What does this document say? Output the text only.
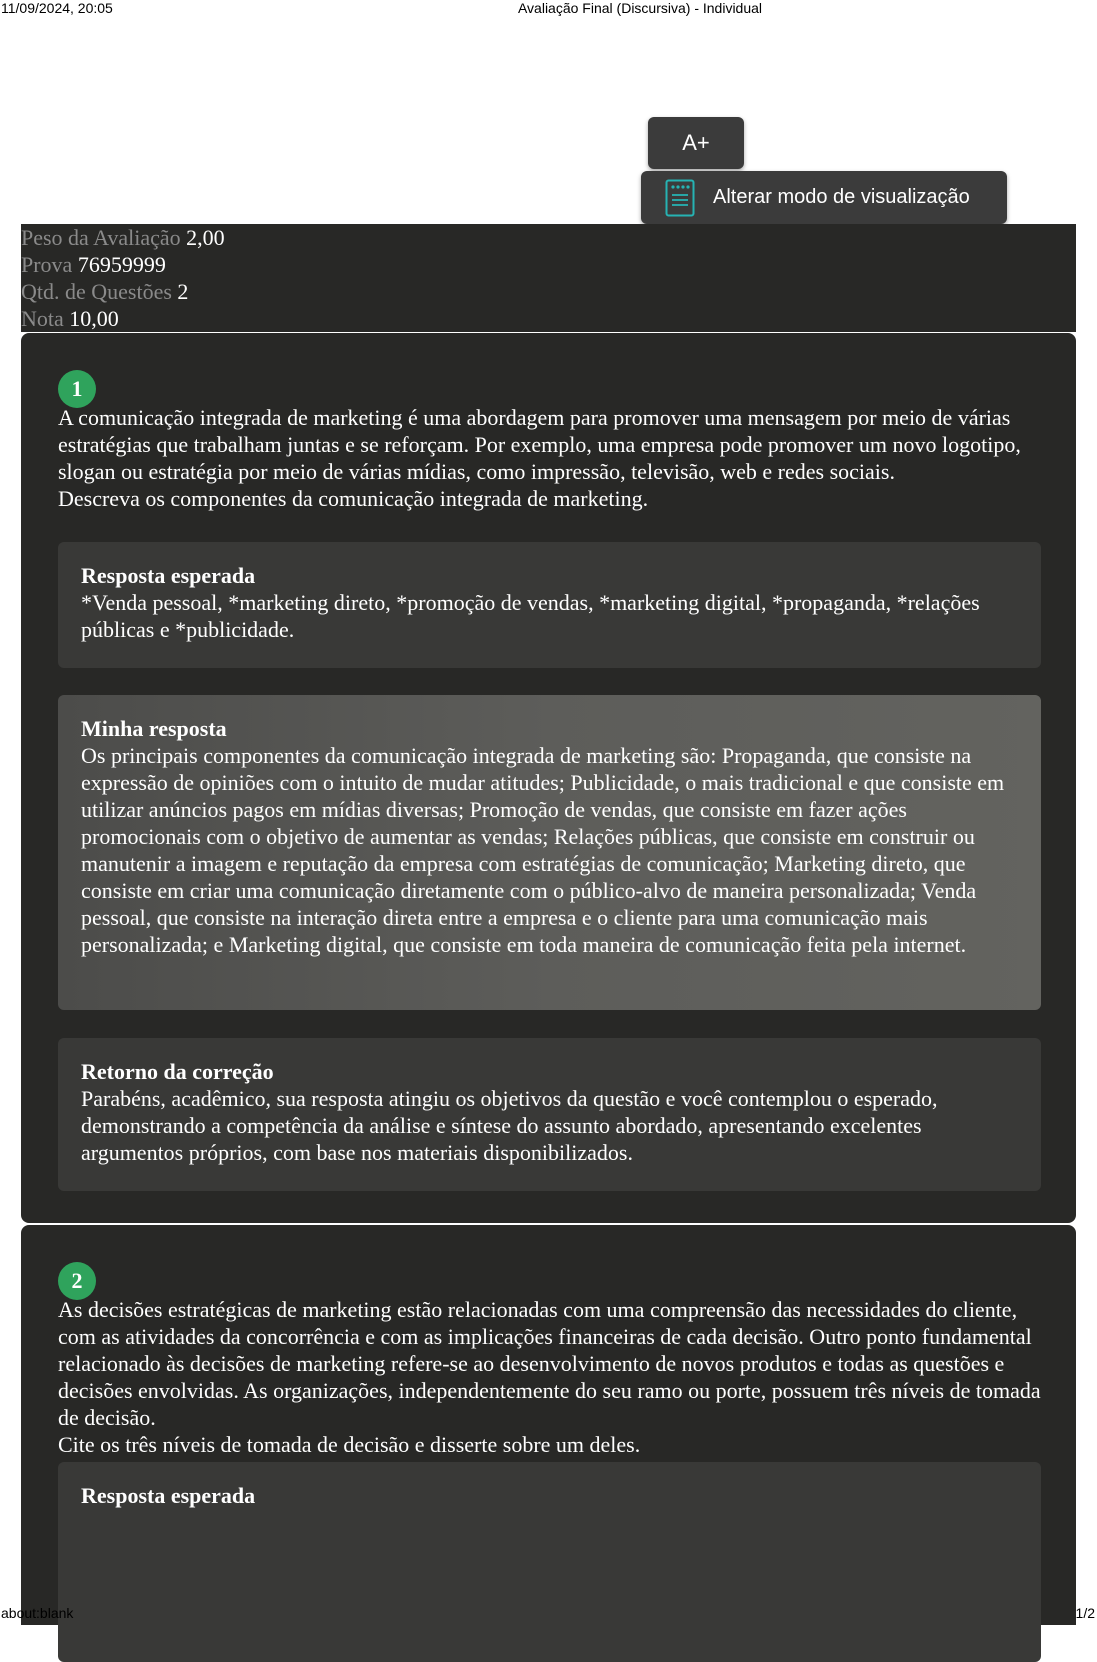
11/09/2024, 20:05	Avaliação Final (Discursiva) - Individual
A+
Alterar modo de visualização
Peso da Avaliação 2,00
Prova 76959999
Qtd. de Questões 2
Nota 10,00
1
A comunicação integrada de marketing é uma abordagem para promover uma mensagem por meio de várias estratégias que trabalham juntas e se reforçam. Por exemplo, uma empresa pode promover um novo logotipo, slogan ou estratégia por meio de várias mídias, como impressão, televisão, web e redes sociais.
Descreva os componentes da comunicação integrada de marketing.
Resposta esperada
*Venda pessoal, *marketing direto, *promoção de vendas, *marketing digital, *propaganda, *relações públicas e *publicidade.
Minha resposta
Os principais componentes da comunicação integrada de marketing são: Propaganda, que consiste na expressão de opiniões com o intuito de mudar atitudes; Publicidade, o mais tradicional e que consiste em utilizar anúncios pagos em mídias diversas; Promoção de vendas, que consiste em fazer ações promocionais com o objetivo de aumentar as vendas; Relações públicas, que consiste em construir ou manutenir a imagem e reputação da empresa com estratégias de comunicação; Marketing direto, que consiste em criar uma comunicação diretamente com o público-alvo de maneira personalizada; Venda pessoal, que consiste na interação direta entre a empresa e o cliente para uma comunicação mais personalizada; e Marketing digital, que consiste em toda maneira de comunicação feita pela internet.
Retorno da correção
Parabéns, acadêmico, sua resposta atingiu os objetivos da questão e você contemplou o esperado, demonstrando a competência da análise e síntese do assunto abordado, apresentando excelentes argumentos próprios, com base nos materiais disponibilizados.
2
As decisões estratégicas de marketing estão relacionadas com uma compreensão das necessidades do cliente, com as atividades da concorrência e com as implicações financeiras de cada decisão. Outro ponto fundamental relacionado às decisões de marketing refere-se ao desenvolvimento de novos produtos e todas as questões e decisões envolvidas. As organizações, independentemente do seu ramo ou porte, possuem três níveis de tomada de decisão.
Cite os três níveis de tomada de decisão e disserte sobre um deles.
Resposta esperada
about:blank	1/2
